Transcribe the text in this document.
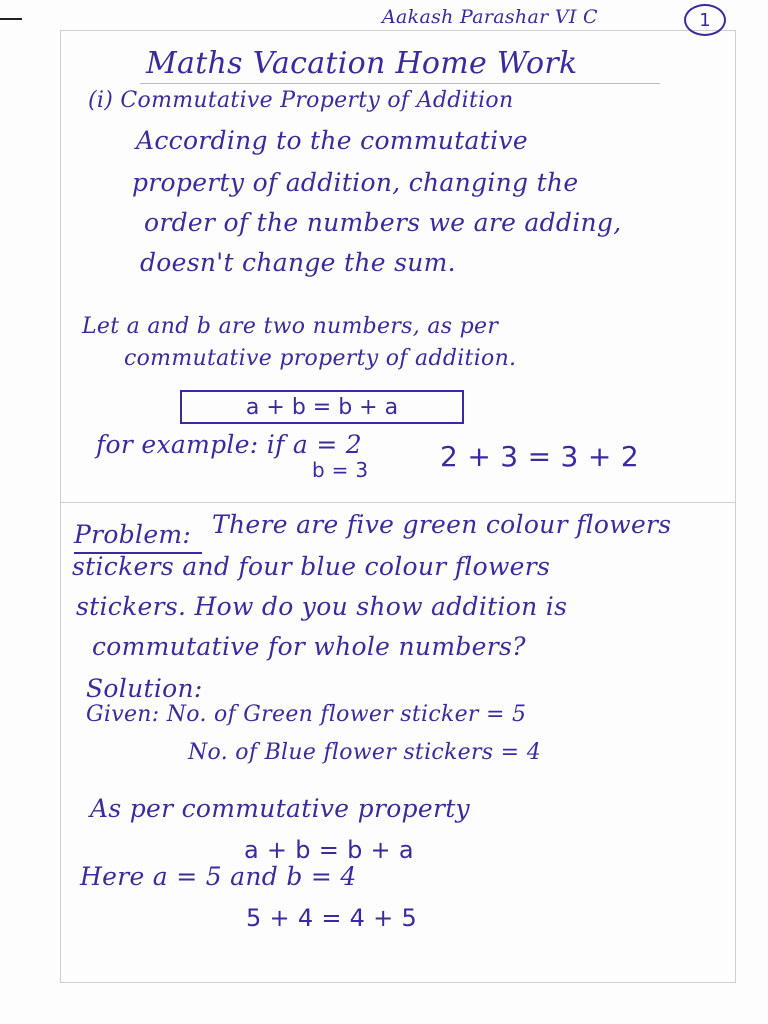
Aakash Parashar VI C	1
Maths Vacation Home Work
(i) Commutative Property of Addition
According to the commutative
property of addition, changing the
order of the numbers we are adding,
doesn't change the sum.
Let a and b are two numbers, as per
commutative property of addition.
a + b = b + a
for example: if a = 2
b = 3	2 + 3 = 3 + 2
Problem: There are five green colour flowers
stickers and four blue colour flowers
stickers. How do you show addition is
commutative for whole numbers?
Solution:
Given: No. of Green flower sticker = 5
No. of Blue flower stickers = 4
As per commutative property
a + b = b + a
Here a = 5 and b = 4
5 + 4 = 4 + 5
